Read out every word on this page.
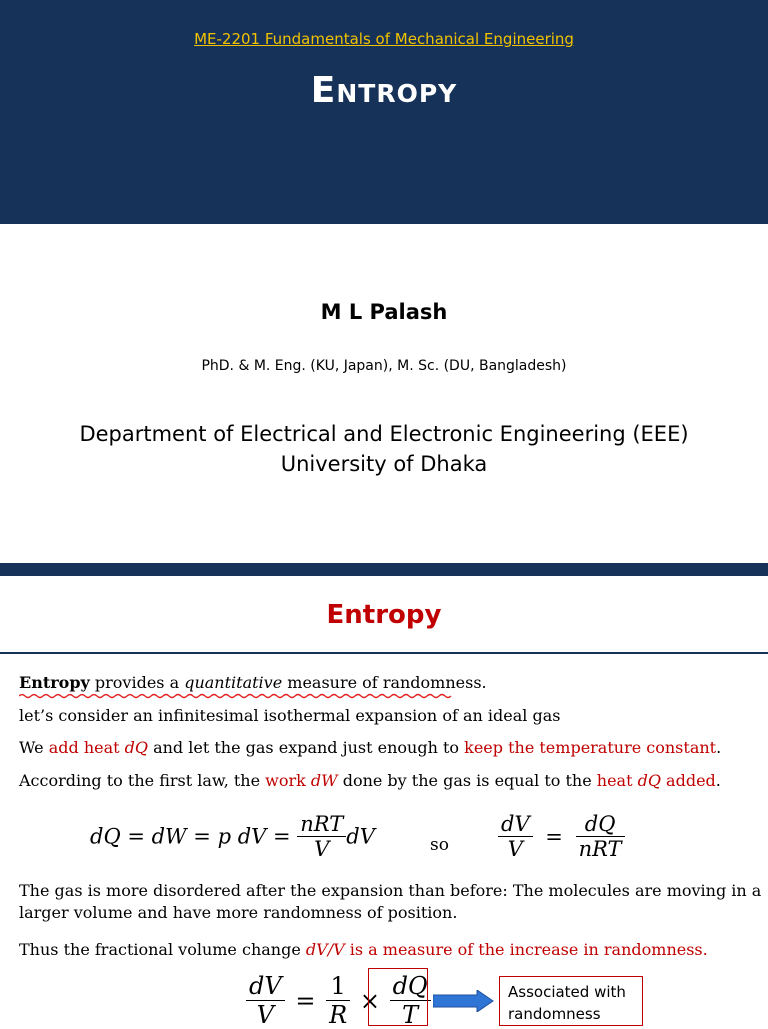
ME-2201 Fundamentals of Mechanical Engineering
Entropy
M L Palash
PhD. & M. Eng. (KU, Japan), M. Sc. (DU, Bangladesh)
Department of Electrical and Electronic Engineering (EEE)
University of Dhaka
Entropy
Entropy provides a quantitative measure of randomness.
let’s consider an infinitesimal isothermal expansion of an ideal gas
We add heat dQ and let the gas expand just enough to keep the temperature constant.
According to the first law, the work dW done by the gas is equal to the heat dQ added.
dQ = dW = p dV = $\frac{\text{nRT}}{V}$ dV	so $\frac{dV}{V} = \frac{dQ}{\text{nRT}}$
The gas is more disordered after the expansion than before: The molecules are moving in a
larger volume and have more randomness of position.
Thus the fractional volume change dV/V is a measure of the increase in randomness.
$\frac{dV}{V} = \frac{1}{R} \times \frac{dQ}{T}$	Associated with
randomness
